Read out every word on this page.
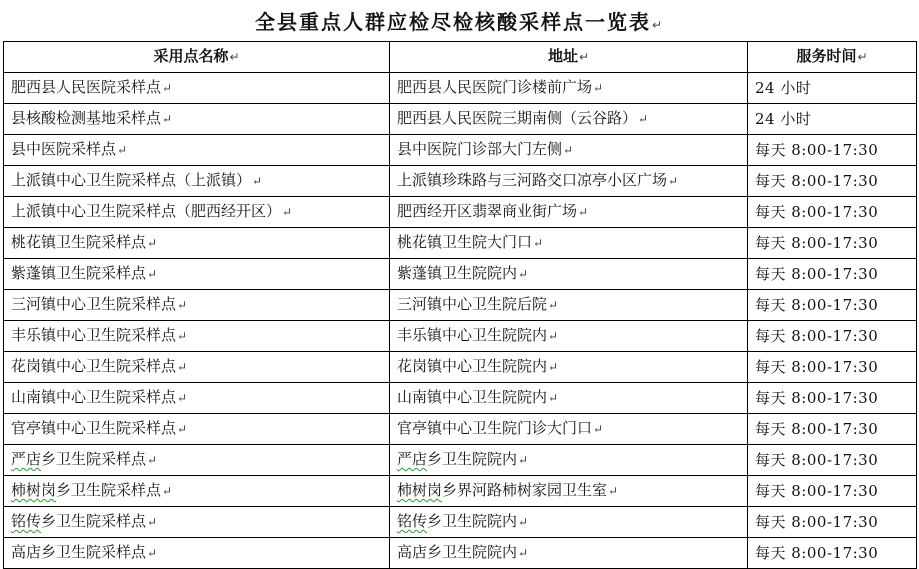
全县重点人群应检尽检核酸采样点一览表↵
采用点名称↵	地址↵	服务时间↵
肥西县人民医院采样点↵	肥西县人民医院门诊楼前广场↵	24 小时
县核酸检测基地采样点↵	肥西县人民医院三期南侧（云谷路）↵	24 小时
县中医院采样点↵	县中医院门诊部大门左侧↵	每天 8:00-17:30
上派镇中心卫生院采样点（上派镇）↵	上派镇珍珠路与三河路交口凉亭小区广场↵	每天 8:00-17:30
上派镇中心卫生院采样点（肥西经开区）↵	肥西经开区翡翠商业街广场↵	每天 8:00-17:30
桃花镇卫生院采样点↵	桃花镇卫生院大门口↵	每天 8:00-17:30
紫蓬镇卫生院采样点↵	紫蓬镇卫生院院内↵	每天 8:00-17:30
三河镇中心卫生院采样点↵	三河镇中心卫生院后院↵	每天 8:00-17:30
丰乐镇中心卫生院采样点↵	丰乐镇中心卫生院院内↵	每天 8:00-17:30
花岗镇中心卫生院采样点↵	花岗镇中心卫生院院内↵	每天 8:00-17:30
山南镇中心卫生院采样点↵	山南镇中心卫生院院内↵	每天 8:00-17:30
官亭镇中心卫生院采样点↵	官亭镇中心卫生院门诊大门口↵	每天 8:00-17:30
严店乡卫生院采样点↵	严店乡卫生院院内↵	每天 8:00-17:30
柿树岗乡卫生院采样点↵	柿树岗乡界河路柿树家园卫生室↵	每天 8:00-17:30
铭传乡卫生院采样点↵	铭传乡卫生院院内↵	每天 8:00-17:30
高店乡卫生院采样点↵	高店乡卫生院院内↵	每天 8:00-17:30
